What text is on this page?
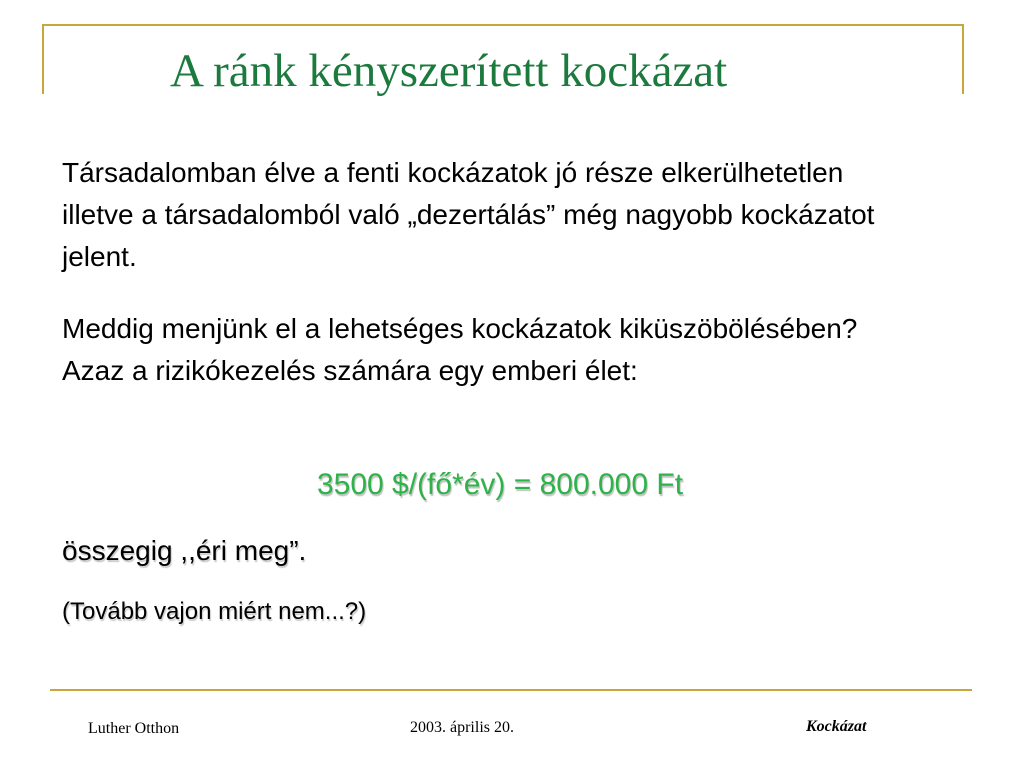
A ránk kényszerített kockázat
Társadalomban élve a fenti kockázatok jó része elkerülhetetlen illetve a társadalomból való „dezertálás” még nagyobb kockázatot jelent.
Meddig menjünk el a lehetséges kockázatok kiküszöbölésében? Azaz a rizikókezelés számára egy emberi élet:
3500 $/(fő*év) = 800.000 Ft
összegig ,,éri meg”.
(Tovább vajon miért nem...?)
Luther Otthon	2003. április 20.	Kockázat
